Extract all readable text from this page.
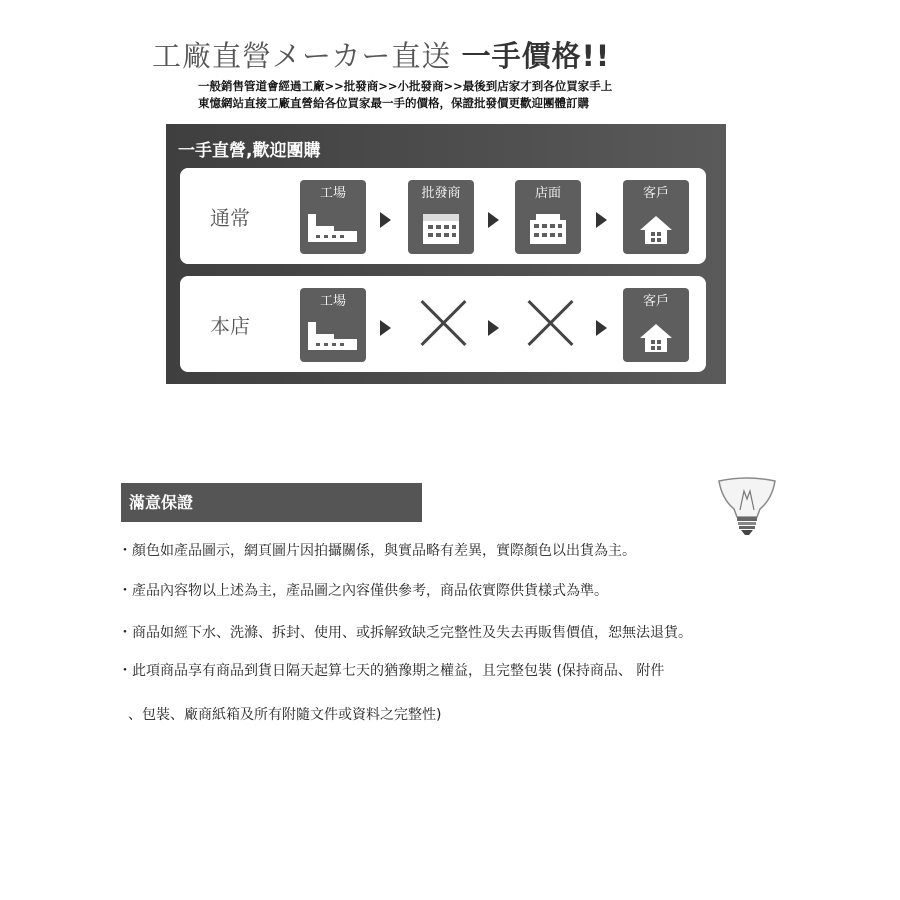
工廠直營メーカー直送 一手價格!!
一般銷售管道會經過工廠>>批發商>>小批發商>>最後到店家才到各位買家手上
東憶網站直接工廠直營給各位買家最一手的價格，保證批發價更歡迎團體訂購
一手直營,歡迎團購
通常
工場	批發商	店面	客戶
本店
工場	客戶
滿意保證
・顏色如產品圖示，網頁圖片因拍攝關係，與實品略有差異，實際顏色以出貨為主。
・產品內容物以上述為主，產品圖之內容僅供參考，商品依實際供貨樣式為準。
・商品如經下水、洗滌、拆封、使用、或拆解致缺乏完整性及失去再販售價值，恕無法退貨。
・此項商品享有商品到貨日隔天起算七天的猶豫期之權益，且完整包裝 (保持商品、 附件
、包裝、廠商紙箱及所有附隨文件或資料之完整性)
